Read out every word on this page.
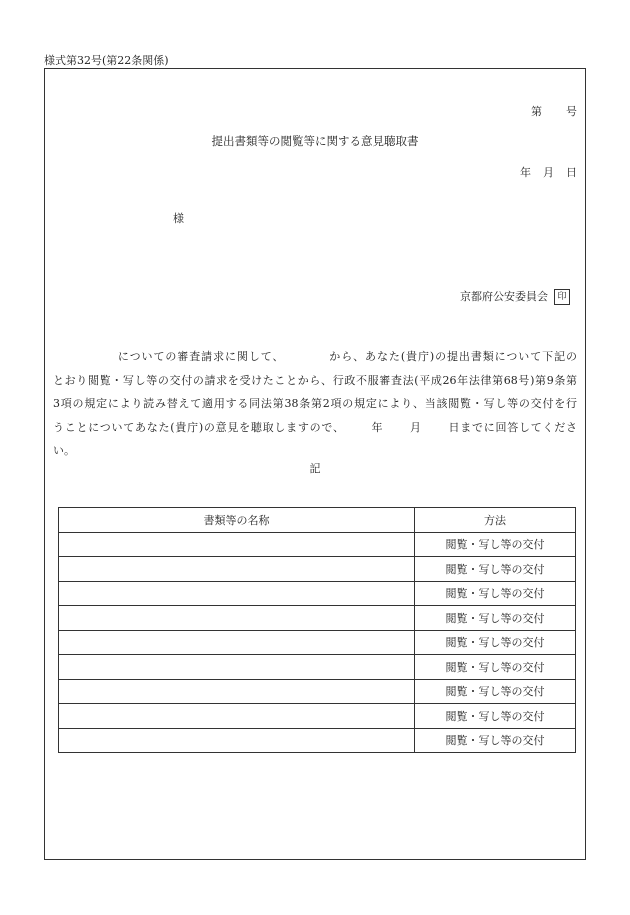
様式第32号(第22条関係)
第 号
提出書類等の閲覧等に関する意見聴取書
年 月 日
様
京都府公安委員会 印
についての審査請求に関して、	から、あなた(貴庁)の提出書類について下記の
とおり閲覧・写し等の交付の請求を受けたことから、行政不服審査法(平成26年法律第68号)第9条第
3項の規定により読み替えて適用する同法第38条第2項の規定により、当該閲覧・写し等の交付を行
うことについてあなた(貴庁)の意見を聴取しますので、 年 月 日までに回答してくださ
い。
記
書類等の名称	方法
	閲覧・写し等の交付
	閲覧・写し等の交付
	閲覧・写し等の交付
	閲覧・写し等の交付
	閲覧・写し等の交付
	閲覧・写し等の交付
	閲覧・写し等の交付
	閲覧・写し等の交付
	閲覧・写し等の交付
